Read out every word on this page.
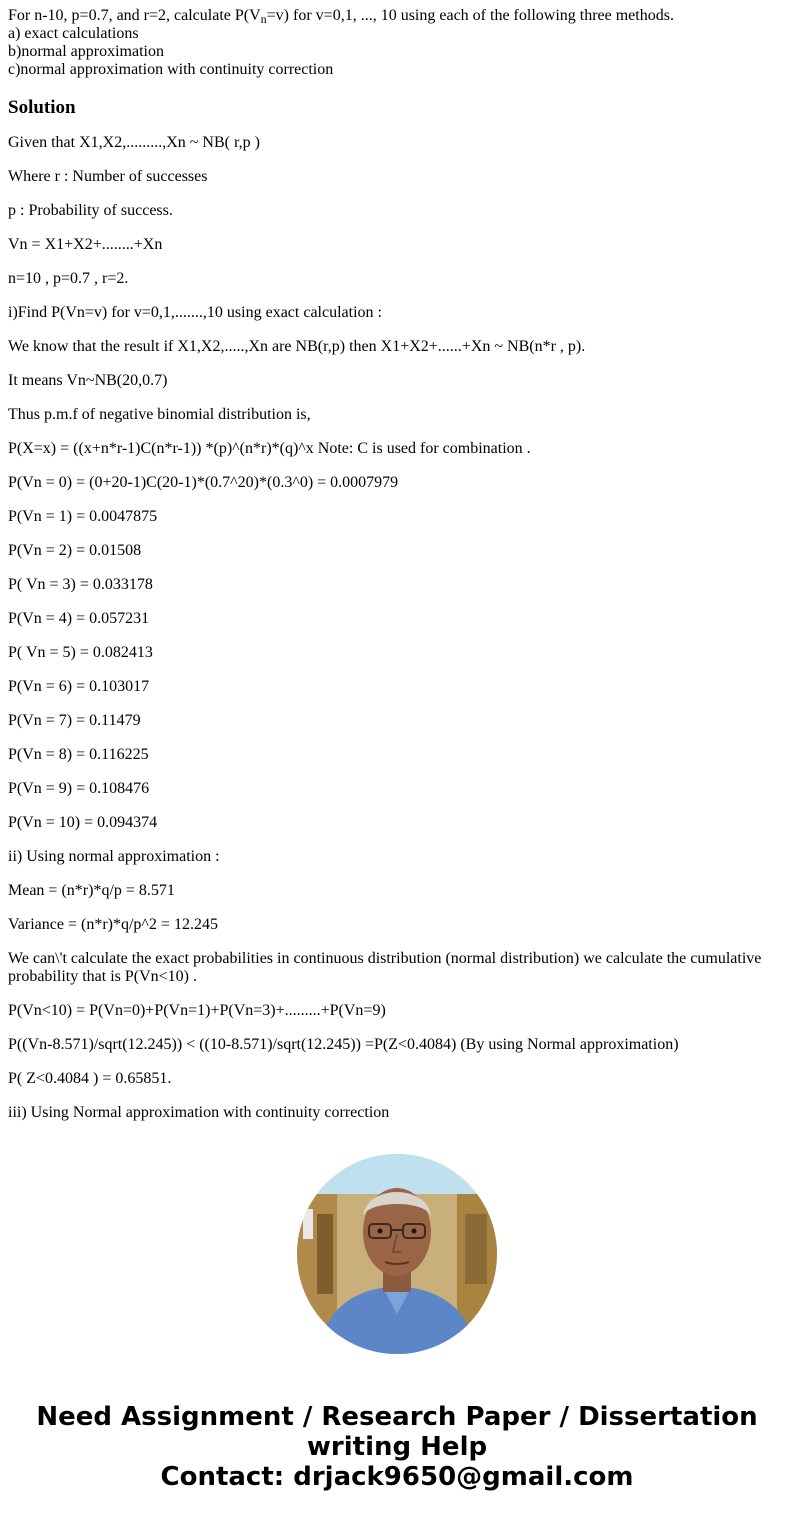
For n-10, p=0.7, and r=2, calculate $P(V_n=v)$ for v=0,1, ..., 10 using each of the following three methods.
a) exact calculations
b)normal approximation
c)normal approximation with continuity correction
Solution

Given that X1,X2,.........,Xn ~ NB( r,p )

Where r : Number of successes

p : Probability of success.

Vn = X1+X2+........+Xn

n=10 , p=0.7 , r=2.

i)Find P(Vn=v) for v=0,1,.......,10 using exact calculation :

We know that the result if X1,X2,.....,Xn are NB(r,p) then X1+X2+......+Xn ~ NB(n*r , p).

It means Vn~NB(20,0.7)

Thus p.m.f of negative binomial distribution is,

P(X=x) = ((x+n*r-1)C(n*r-1)) *(p)^(n*r)*(q)^x Note: C is used for combination .

P(Vn = 0) = (0+20-1)C(20-1)*(0.7^20)*(0.3^0) = 0.0007979

P(Vn = 1) = 0.0047875

P(Vn = 2) = 0.01508

P( Vn = 3) = 0.033178

P(Vn = 4) = 0.057231

P( Vn = 5) = 0.082413

P(Vn = 6) = 0.103017

P(Vn = 7) = 0.11479

P(Vn = 8) = 0.116225

P(Vn = 9) = 0.108476

P(Vn = 10) = 0.094374

ii) Using normal approximation :

Mean = (n*r)*q/p = 8.571

Variance = (n*r)*q/p^2 = 12.245

We can\'t calculate the exact probabilities in continuous distribution (normal distribution) we calculate the cumulative probability that is P(Vn<10) .

P(Vn<10) = P(Vn=0)+P(Vn=1)+P(Vn=3)+.........+P(Vn=9)

P((Vn-8.571)/sqrt(12.245)) < ((10-8.571)/sqrt(12.245)) =P(Z<0.4084) (By using Normal approximation)

P( Z<0.4084 ) = 0.65851.

iii) Using Normal approximation with continuity correction

Need Assignment / Research Paper / Dissertation
writing Help
Contact: drjack9650@gmail.com
